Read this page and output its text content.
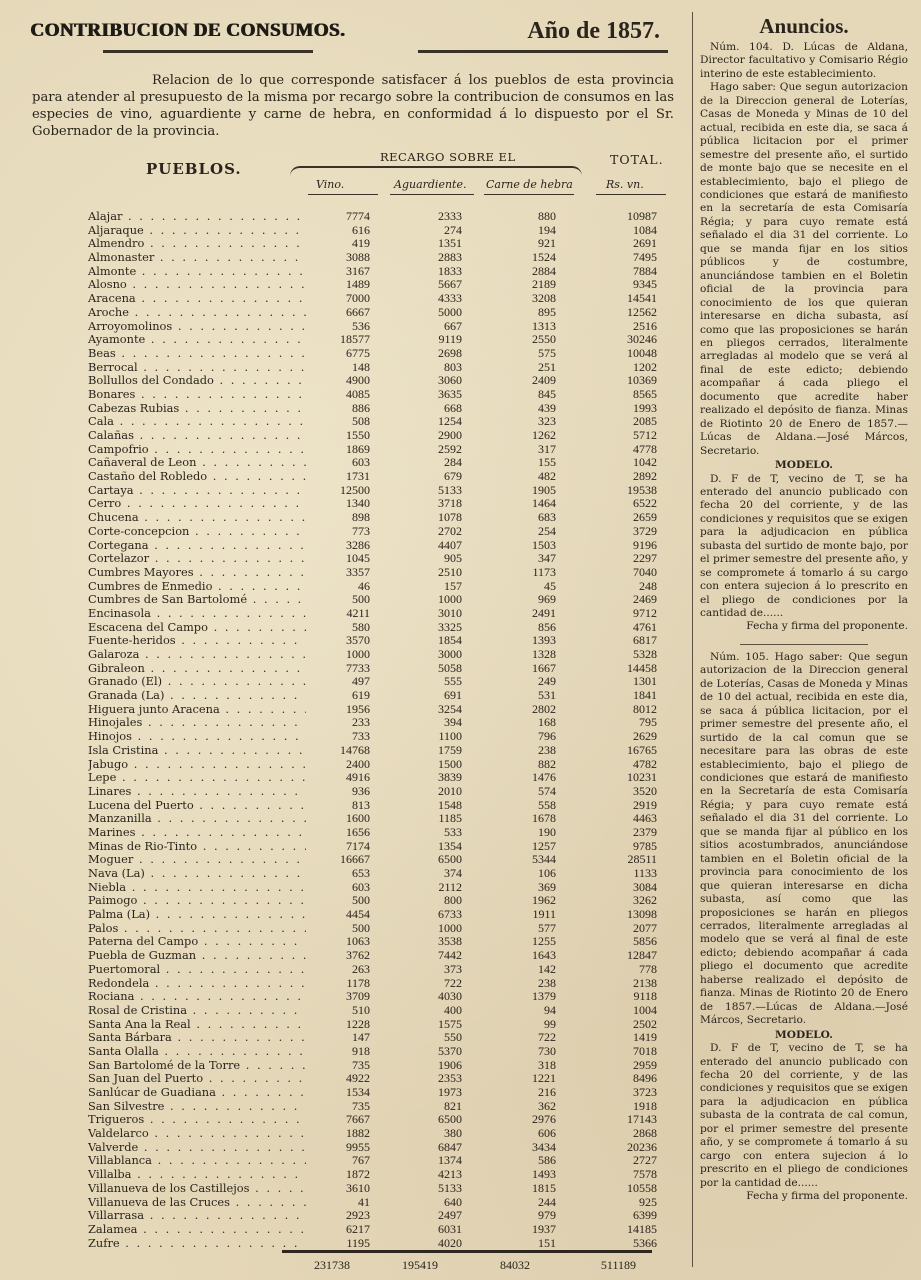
CONTRIBUCION DE CONSUMOS.	Año de 1857.
Relacion de lo que corresponde satisfacer á los pueblos de esta provincia para atender al presupuesto de la misma por recargo sobre la contribucion de consumos en las especies de vino, aguardiente y carne de hebra, en conformidad á lo dispuesto por el Sr. Gobernador de la provincia.
PUEBLOS.
RECARGO SOBRE EL	TOTAL.
Vino.	Aguardiente. Carne de hebra	Rs. vn.
Alajar . . .	7774	2333	880	10987
Aljaraque . . .	616	274	194	1084
Almendro . . .	419	1351	921	2691
Almonaster . . .	3088	2883	1524	7495
Almonte . . .	3167	1833	2884	7884
Alosno . . .	1489	5667	2189	9345
Aracena . . .	7000	4333	3208	14541
Aroche . . .	6667	5000	895	12562
Arroyomolinos . . .	536	667	1313	2516
Ayamonte . . .	18577	9119	2550	30246
Beas . . .	6775	2698	575	10048
Berrocal . . .	148	803	251	1202
Bollullos del Condado . . .	4900	3060	2409	10369
Bonares . . .	4085	3635	845	8565
Cabezas Rubias . . .	886	668	439	1993
Cala . . .	508	1254	323	2085
Calañas . . .	1550	2900	1262	5712
Campofrio . . .	1869	2592	317	4778
Cañaveral de Leon . . .	603	284	155	1042
Castaño del Robledo . . .	1731	679	482	2892
Cartaya . . .	12500	5133	1905	19538
Cerro . . .	1340	3718	1464	6522
Chucena . . .	898	1078	683	2659
Corte-concepcion . . .	773	2702	254	3729
Cortegana . . .	3286	4407	1503	9196
Cortelazor . . .	1045	905	347	2297
Cumbres Mayores . . .	3357	2510	1173	7040
Cumbres de Enmedio . . .	46	157	45	248
Cumbres de San Bartolomé . . .	500	1000	969	2469
Encinasola . . .	4211	3010	2491	9712
Escacena del Campo . . .	580	3325	856	4761
Fuente-heridos . . .	3570	1854	1393	6817
Galaroza . . .	1000	3000	1328	5328
Gibraleon . . .	7733	5058	1667	14458
Granado (El) . . .	497	555	249	1301
Granada (La) . . .	619	691	531	1841
Higuera junto Aracena . . .	1956	3254	2802	8012
Hinojales . . .	233	394	168	795
Hinojos . . .	733	1100	796	2629
Isla Cristina . . .	14768	1759	238	16765
Jabugo . . .	2400	1500	882	4782
Lepe . . .	4916	3839	1476	10231
Linares . . .	936	2010	574	3520
Lucena del Puerto . . .	813	1548	558	2919
Manzanilla . . .	1600	1185	1678	4463
Marines . . .	1656	533	190	2379
Minas de Rio-Tinto . . .	7174	1354	1257	9785
Moguer . . .	16667	6500	5344	28511
Nava (La) . . .	653	374	106	1133
Niebla . . .	603	2112	369	3084
Paimogo . . .	500	800	1962	3262
Palma (La) . . .	4454	6733	1911	13098
Palos . . .	500	1000	577	2077
Paterna del Campo . . .	1063	3538	1255	5856
Puebla de Guzman . . .	3762	7442	1643	12847
Puertomoral . . .	263	373	142	778
Redondela . . .	1178	722	238	2138
Rociana . . .	3709	4030	1379	9118
Rosal de Cristina . . .	510	400	94	1004
Santa Ana la Real . . .	1228	1575	99	2502
Santa Bárbara . . .	147	550	722	1419
Santa Olalla . . .	918	5370	730	7018
San Bartolomé de la Torre . . .	735	1906	318	2959
San Juan del Puerto . . .	4922	2353	1221	8496
Sanlúcar de Guadiana . . .	1534	1973	216	3723
San Silvestre . . .	735	821	362	1918
Trigueros . . .	7667	6500	2976	17143
Valdelarco . . .	1882	380	606	2868
Valverde . . .	9955	6847	3434	20236
Villablanca . . .	767	1374	586	2727
Villalba . . .	1872	4213	1493	7578
Villanueva de los Castillejos . . .	3610	5133	1815	10558
Villanueva de las Cruces . . .	41	640	244	925
Villarrasa . . .	2923	2497	979	6399
Zalamea . . .	6217	6031	1937	14185
Zufre . . .	1195	4020	151	5366
231738	195419	84032	511189
Anuncios.

Núm. 104. D. Lúcas de Aldana, Director facultativo y Comisario Régio interino de este establecimiento.

Hago saber: Que segun autorizacion de la Direccion general de Loterías, Casas de Moneda y Minas de 10 del actual, recibida en este dia, se saca á pública licitacion por el primer semestre del presente año, el surtido de monte bajo que se necesite en el establecimiento, bajo el pliego de condiciones que estará de manifiesto en la secretaría de esta Comisaría Régia; y para cuyo remate está señalado el dia 31 del corriente. Lo que se manda fijar en los sitios públicos y de costumbre, anunciándose tambien en el Boletin oficial de la provincia para conocimiento de los que quieran interesarse en dicha subasta, así como que las proposiciones se harán en pliegos cerrados, literalmente arregladas al modelo que se verá al final de este edicto; debiendo acompañar á cada pliego el documento que acredite haber realizado el depósito de fianza. Minas de Riotinto 20 de Enero de 1857.—Lúcas de Aldana.—José Márcos, Secretario.

MODELO.

D. F de T, vecino de T, se ha enterado del anuncio publicado con fecha 20 del corriente, y de las condiciones y requisitos que se exigen para la adjudicacion en pública subasta del surtido de monte bajo, por el primer semestre del presente año, y se compromete á tomarlo á su cargo con entera sujecion á lo prescrito en el pliego de condiciones por la cantidad de......

Fecha y firma del proponente.

Núm. 105. Hago saber: Que segun autorizacion de la Direccion general de Loterías, Casas de Moneda y Minas de 10 del actual, recibida en este dia, se saca á pública licitacion, por el primer semestre del presente año, el surtido de la cal comun que se necesitare para las obras de este establecimiento, bajo el pliego de condiciones que estará de manifiesto en la Secretaría de esta Comisaría Régia; y para cuyo remate está señalado el dia 31 del corriente. Lo que se manda fijar al público en los sitios acostumbrados, anunciándose tambien en el Boletin oficial de la provincia para conocimiento de los que quieran interesarse en dicha subasta, así como que las proposiciones se harán en pliegos cerrados, literalmente arregladas al modelo que se verá al final de este edicto; debiendo acompañar á cada pliego el documento que acredite haberse realizado el depósito de fianza. Minas de Riotinto 20 de Enero de 1857.—Lúcas de Aldana.—José Márcos, Secretario.

MODELO.

D. F de T, vecino de T, se ha enterado del anuncio publicado con fecha 20 del corriente, y de las condiciones y requisitos que se exigen para la adjudicacion en pública subasta de la contrata de cal comun, por el primer semestre del presente año, y se compromete á tomarlo á su cargo con entera sujecion á lo prescrito en el pliego de condiciones por la cantidad de......

Fecha y firma del proponente.
